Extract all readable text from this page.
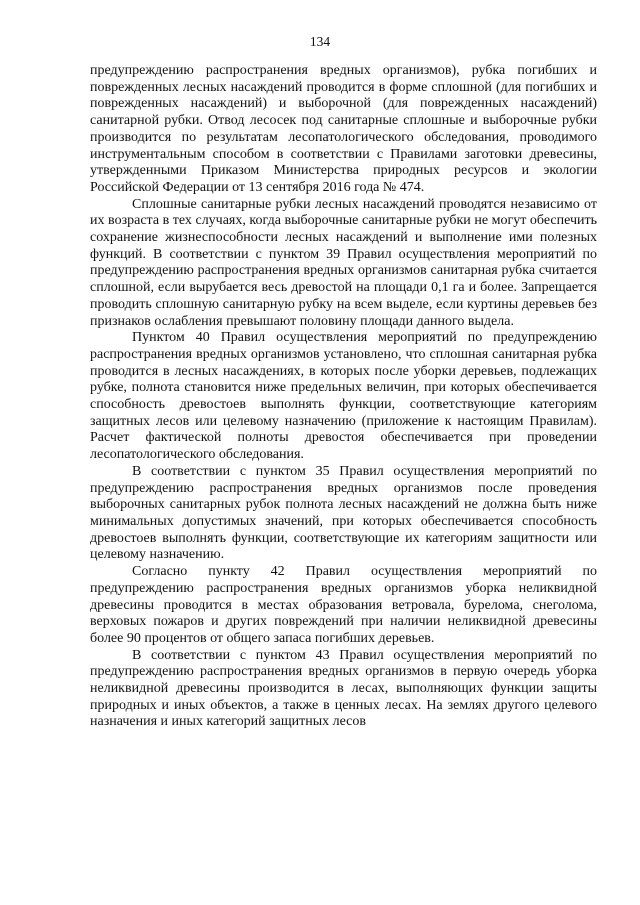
134

предупреждению распространения вредных организмов), рубка погибших и поврежденных лесных насаждений проводится в форме сплошной (для погибших и поврежденных насаждений) и выборочной (для поврежденных насаждений) санитарной рубки. Отвод лесосек под санитарные сплошные и выборочные рубки производится по результатам лесопатологического обследования, проводимого инструментальным способом в соответствии с Правилами заготовки древесины, утвержденными Приказом Министерства природных ресурсов и экологии Российской Федерации от 13 сентября 2016 года № 474.

Сплошные санитарные рубки лесных насаждений проводятся независимо от их возраста в тех случаях, когда выборочные санитарные рубки не могут обеспечить сохранение жизнеспособности лесных насаждений и выполнение ими полезных функций. В соответствии с пунктом 39 Правил осуществления мероприятий по предупреждению распространения вредных организмов санитарная рубка считается сплошной, если вырубается весь древостой на площади 0,1 га и более. Запрещается проводить сплошную санитарную рубку на всем выделе, если куртины деревьев без признаков ослабления превышают половину площади данного выдела.

Пунктом 40 Правил осуществления мероприятий по предупреждению распространения вредных организмов установлено, что сплошная санитарная рубка проводится в лесных насаждениях, в которых после уборки деревьев, подлежащих рубке, полнота становится ниже предельных величин, при которых обеспечивается способность древостоев выполнять функции, соответствующие категориям защитных лесов или целевому назначению (приложение к настоящим Правилам). Расчет фактической полноты древостоя обеспечивается при проведении лесопатологического обследования.

В соответствии с пунктом 35 Правил осуществления мероприятий по предупреждению распространения вредных организмов после проведения выборочных санитарных рубок полнота лесных насаждений не должна быть ниже минимальных допустимых значений, при которых обеспечивается способность древостоев выполнять функции, соответствующие их категориям защитности или целевому назначению.

Согласно пункту 42 Правил осуществления мероприятий по предупреждению распространения вредных организмов уборка неликвидной древесины проводится в местах образования ветровала, бурелома, снеголома, верховых пожаров и других повреждений при наличии неликвидной древесины более 90 процентов от общего запаса погибших деревьев.

В соответствии с пунктом 43 Правил осуществления мероприятий по предупреждению распространения вредных организмов в первую очередь уборка неликвидной древесины производится в лесах, выполняющих функции защиты природных и иных объектов, а также в ценных лесах. На землях другого целевого назначения и иных категорий защитных лесов
